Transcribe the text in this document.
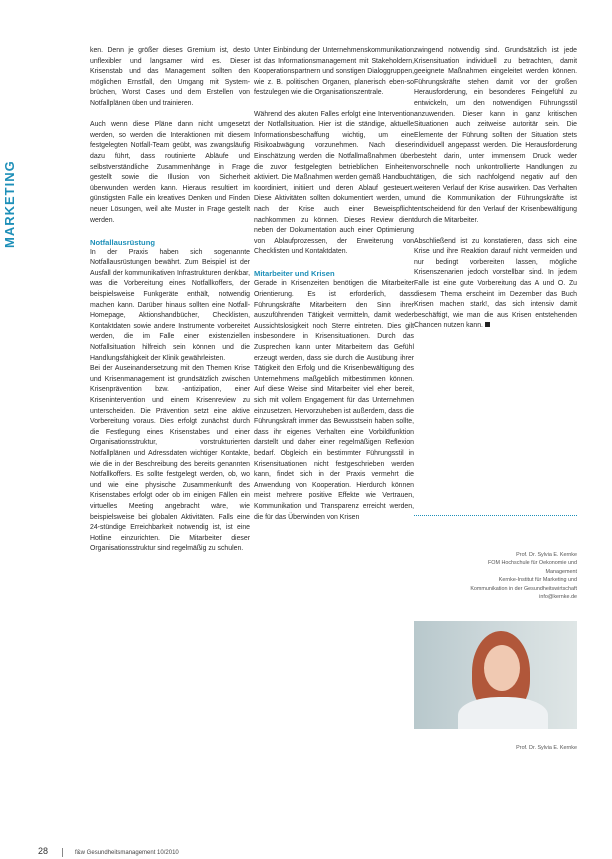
MARKETING

ken. Denn je größer dieses Gremium ist, desto unflexibler und langsamer wird es. Dieser Krisenstab und das Management sollten den möglichen Ernstfall, den Umgang mit System-brüchen, Worst Cases und dem Erstellen von Notfallplänen üben und trainieren.

Auch wenn diese Pläne dann nicht umgesetzt werden, so werden die Interaktionen mit diesem festgelegten Notfall-Team geübt, was zwangsläufig dazu führt, dass routinierte Abläufe und selbstverständliche Zusammenhänge in Frage gestellt sowie die Illusion von Sicherheit überwunden werden kann. Hieraus resultiert im günstigsten Falle ein kreatives Denken und Finden neuer Lösungen, weil alte Muster in Frage gestellt werden.

Notfallausrüstung

In der Praxis haben sich sogenannte Notfallausrüstungen bewährt. Zum Beispiel ist der Ausfall der kommunikativen Infrastrukturen denkbar, was die Vorbereitung eines Notfallkoffers, der beispielsweise Funkgeräte enthält, notwendig machen kann. Darüber hinaus sollten eine Notfall-Homepage, Aktionshandbücher, Checklisten, Kontaktdaten sowie andere Instrumente vorbereitet werden, die im Falle einer existenziellen Notfallsituation hilfreich sein können und die Handlungsfähigkeit der Klinik gewährleisten.

Bei der Auseinandersetzung mit den Themen Krise und Krisenmanagement ist grundsätzlich zwischen Krisenprävention bzw. -antizipation, einer Krisenintervention und einem Krisenreview zu unterscheiden. Die Prävention setzt eine aktive Vorbereitung voraus. Dies erfolgt zunächst durch die Festlegung eines Krisenstabes und einer Organisationsstruktur, vorstrukturierten Notfallplänen und Adressdaten wichtiger Kontakte, wie die in der Beschreibung des bereits genannten Notfallkoffers. Es sollte festgelegt werden, ob, wo und wie eine physische Zusammenkunft des Krisenstabes erfolgt oder ob im einigen Fällen ein virtuelles Meeting angebracht wäre, wie beispielsweise bei globalen Aktivitäten. Falls eine 24-stündige Erreichbarkeit notwendig ist, ist eine Hotline einzurichten. Die Mitarbeiter dieser Organisationsstruktur sind regelmäßig zu schulen.

Unter Einbindung der Unternehmenskommunikation ist das Informationsmanagement mit Stakeholdern, Kooperationspartnern und sonstigen Dialoggruppen, wie z. B. politischen Organen, planerisch eben-so festzulegen wie die Organisationszentrale.

Während des akuten Falles erfolgt eine Intervention der Notfallsituation. Hier ist die ständige, aktuelle Informationsbeschaffung wichtig, um eine Risikoabwägung vorzunehmen. Nach dieser Einschätzung werden die Notfallmaßnahmen über die zuvor festgelegten betrieblichen Einheiten aktiviert. Die Maßnahmen werden gemäß Handbuch koordiniert, initiiert und deren Ablauf gesteuert. Diese Aktivitäten sollten dokumentiert werden, um nach der Krise auch einer Beweispflicht nachkommen zu können. Dieses Review dient neben der Dokumentation auch einer Optimierung von Ablaufprozessen, der Erweiterung von Checklisten und Kontaktdaten.

Mitarbeiter und Krisen

Gerade in Krisenzeiten benötigen die Mitarbeiter Orientierung. Es ist erforderlich, dass Führungskräfte Mitarbeitern den Sinn ihrer auszuführenden Tätigkeit vermitteln, damit weder Aussichtslosigkeit noch Sterre eintreten. Dies gilt insbesondere in Krisensituationen. Durch das Zusprechen kann unter Mitarbeitern das Gefühl erzeugt werden, dass sie durch die Ausübung ihrer Tätigkeit den Erfolg und die Krisenbewältigung des Unternehmens maßgeblich mitbestimmen können. Auf diese Weise sind Mitarbeiter viel eher bereit, sich mit vollem Engagement für das Unternehmen einzusetzen. Hervorzuheben ist außerdem, dass die Führungskraft immer das Bewusstsein haben sollte, dass ihr eigenes Verhalten eine Vorbildfunktion darstellt und daher einer regelmäßigen Reflexion bedarf. Obgleich ein bestimmter Führungsstil in Krisensituationen nicht festgeschrieben werden kann, findet sich in der Praxis vermehrt die Anwendung von Kooperation. Hierdurch können meist mehrere positive Effekte wie Vertrauen, Kommunikation und Transparenz erreicht werden, die für das Überwinden von Krisen

zwingend notwendig sind. Grundsätzlich ist jede Krisensituation individuell zu betrachten, damit geeignete Maßnahmen eingeleitet werden können. Führungskräfte stehen damit vor der großen Herausforderung, ein besonderes Feingefühl zu entwickeln, um den notwendigen Führungsstil anzuwenden. Dieser kann in ganz kritischen Situationen auch zeitweise autoritär sein. Die Elemente der Führung sollten der Situation stets individuell angepasst werden. Die Herausforderung besteht darin, unter immensem Druck weder vorschnelle noch unkontrollierte Handlungen zu tätigen, die sich nachfolgend negativ auf den weiteren Verlauf der Krise auswirken. Das Verhalten und die Kommunikation der Führungskräfte ist entscheidend für den Verlauf der Krisenbewältigung durch die Mitarbeiter.

Abschließend ist zu konstatieren, dass sich eine Krise und ihre Reaktion darauf nicht vermeiden und nur bedingt vorbereiten lassen, mögliche Krisenszenarien jedoch vorstellbar sind. In jedem Falle ist eine gute Vorbereitung das A und O. Zu diesem Thema erscheint im Dezember das Buch Krisen machen stark!, das sich intensiv damit beschäftigt, wie man die aus Krisen entstehenden Chancen nutzen kann.

Prof. Dr. Sylvia E. Kernke
FOM Hochschule für Oekonomie und
Management
Kernke-Institut für Marketing und
Kommunikation in der Gesundheitswirtschaft
info@kernke.de
Prof. Dr. Sylvia E. Kernke
28	f&w Gesundheitsmanagement 10/2010
